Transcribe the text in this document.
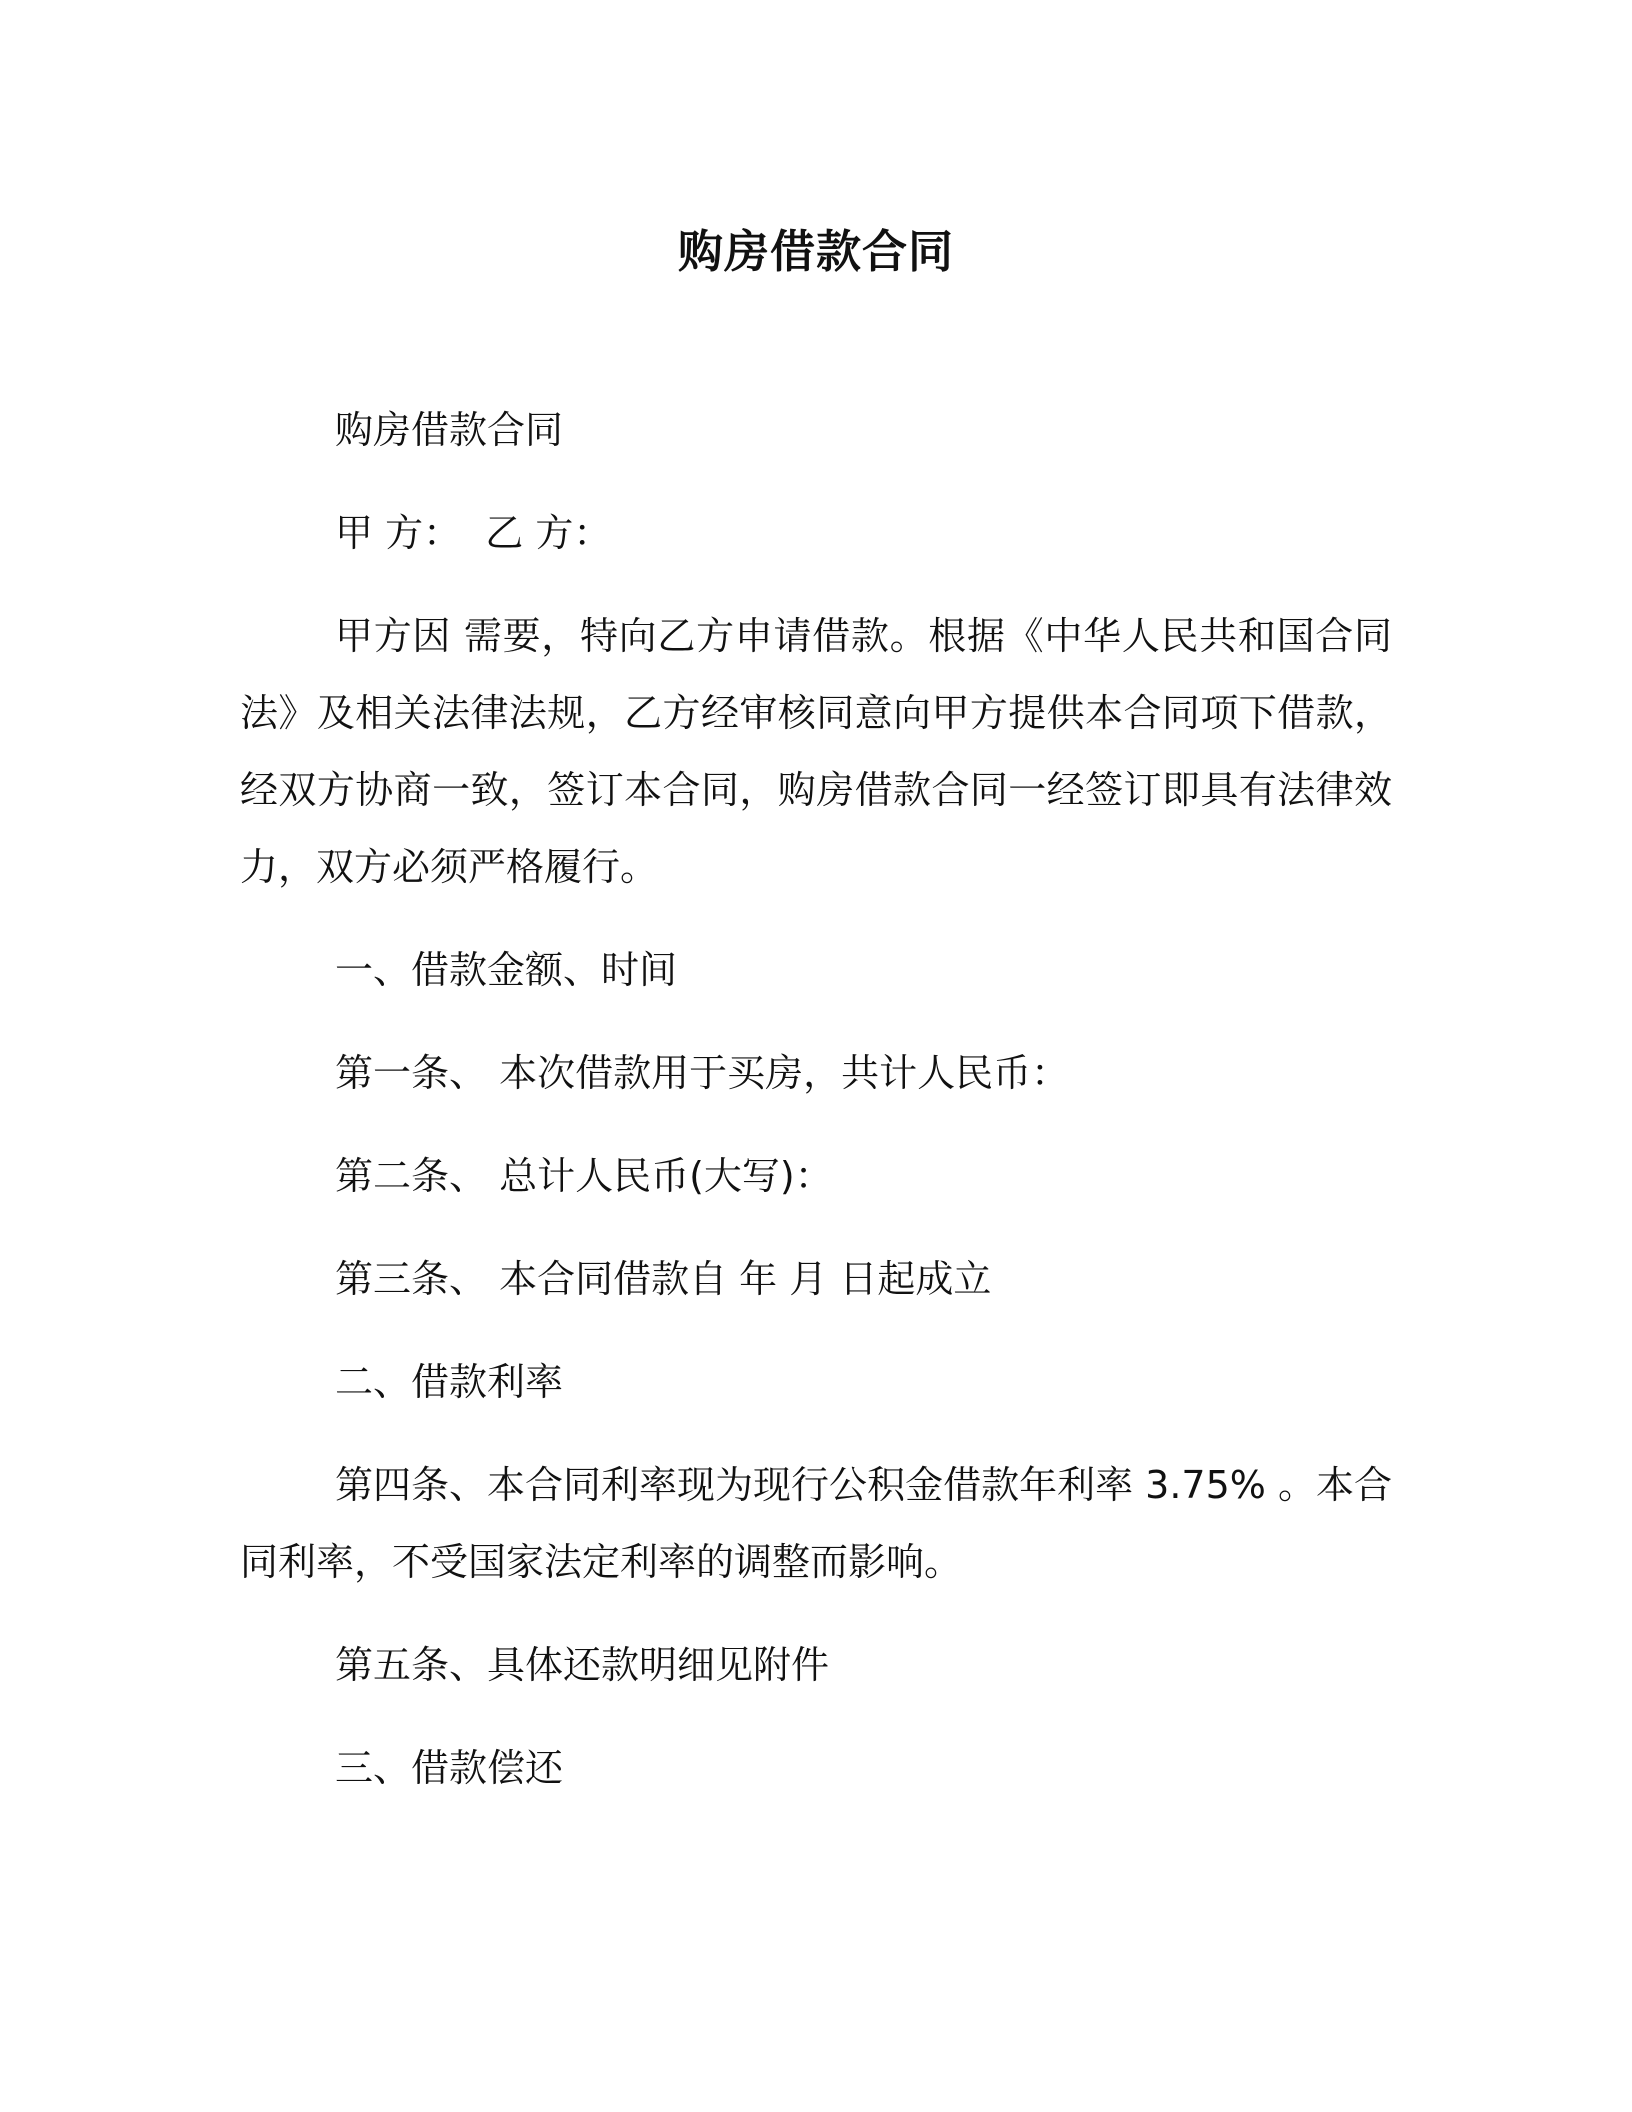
购房借款合同

购房借款合同

甲 方：  乙 方：

甲方因 需要，特向乙方申请借款。根据《中华人民共和国合同法》及相关法律法规，乙方经审核同意向甲方提供本合同项下借款，经双方协商一致，签订本合同，购房借款合同一经签订即具有法律效力，双方必须严格履行。

一、借款金额、时间

第一条、 本次借款用于买房，共计人民币：

第二条、 总计人民币(大写)：

第三条、 本合同借款自 年 月 日起成立

二、借款利率

第四条、本合同利率现为现行公积金借款年利率 3.75% 。本合同利率，不受国家法定利率的调整而影响。

第五条、具体还款明细见附件

三、借款偿还
